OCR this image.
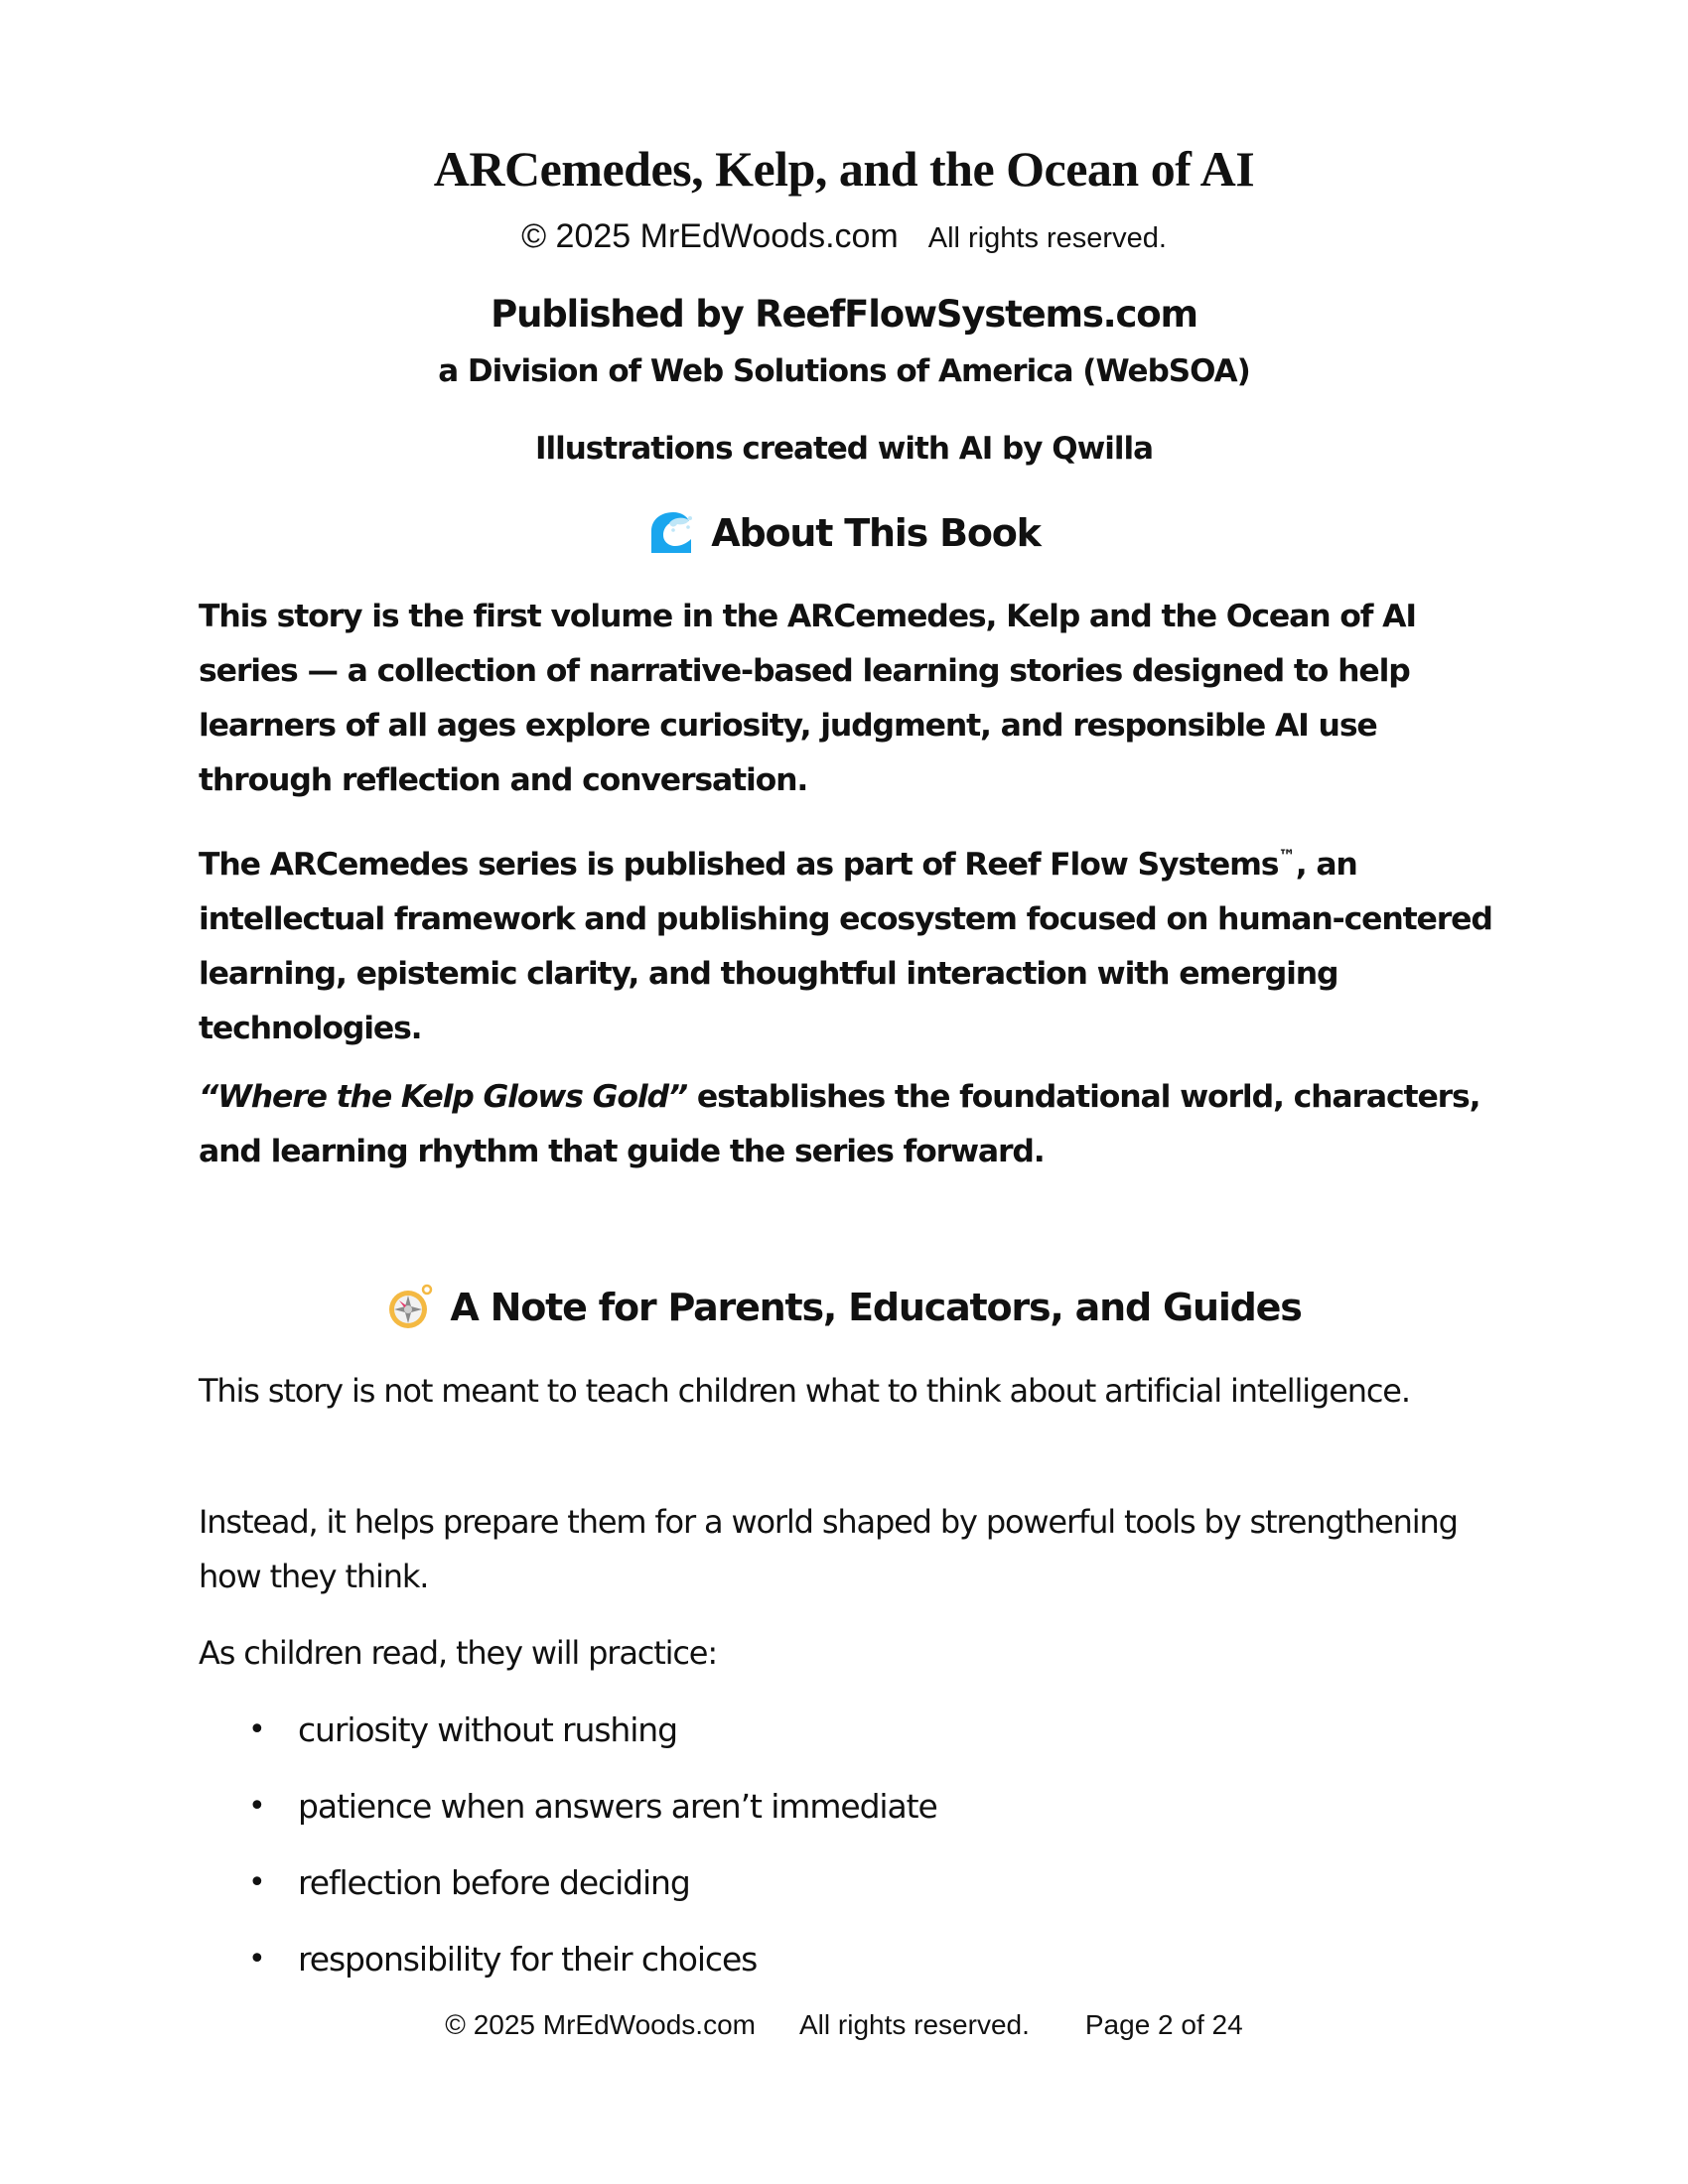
ARCemedes, Kelp, and the Ocean of AI
© 2025 MrEdWoods.com All rights reserved.
Published by ReefFlowSystems.com
a Division of Web Solutions of America (WebSOA)
Illustrations created with AI by Qwilla
About This Book

This story is the first volume in the ARCemedes, Kelp and the Ocean of AI series — a collection of narrative-based learning stories designed to help learners of all ages explore curiosity, judgment, and responsible AI use through reflection and conversation.

The ARCemedes series is published as part of Reef Flow Systems™, an intellectual framework and publishing ecosystem focused on human-centered learning, epistemic clarity, and thoughtful interaction with emerging technologies.

“Where the Kelp Glows Gold” establishes the foundational world, characters, and learning rhythm that guide the series forward.

A Note for Parents, Educators, and Guides

This story is not meant to teach children what to think about artificial intelligence.

Instead, it helps prepare them for a world shaped by powerful tools by strengthening how they think.

As children read, they will practice:

•	curiosity without rushing
•	patience when answers aren’t immediate
•	reflection before deciding
•	responsibility for their choices
© 2025 MrEdWoods.com All rights reserved. Page 2 of 24
